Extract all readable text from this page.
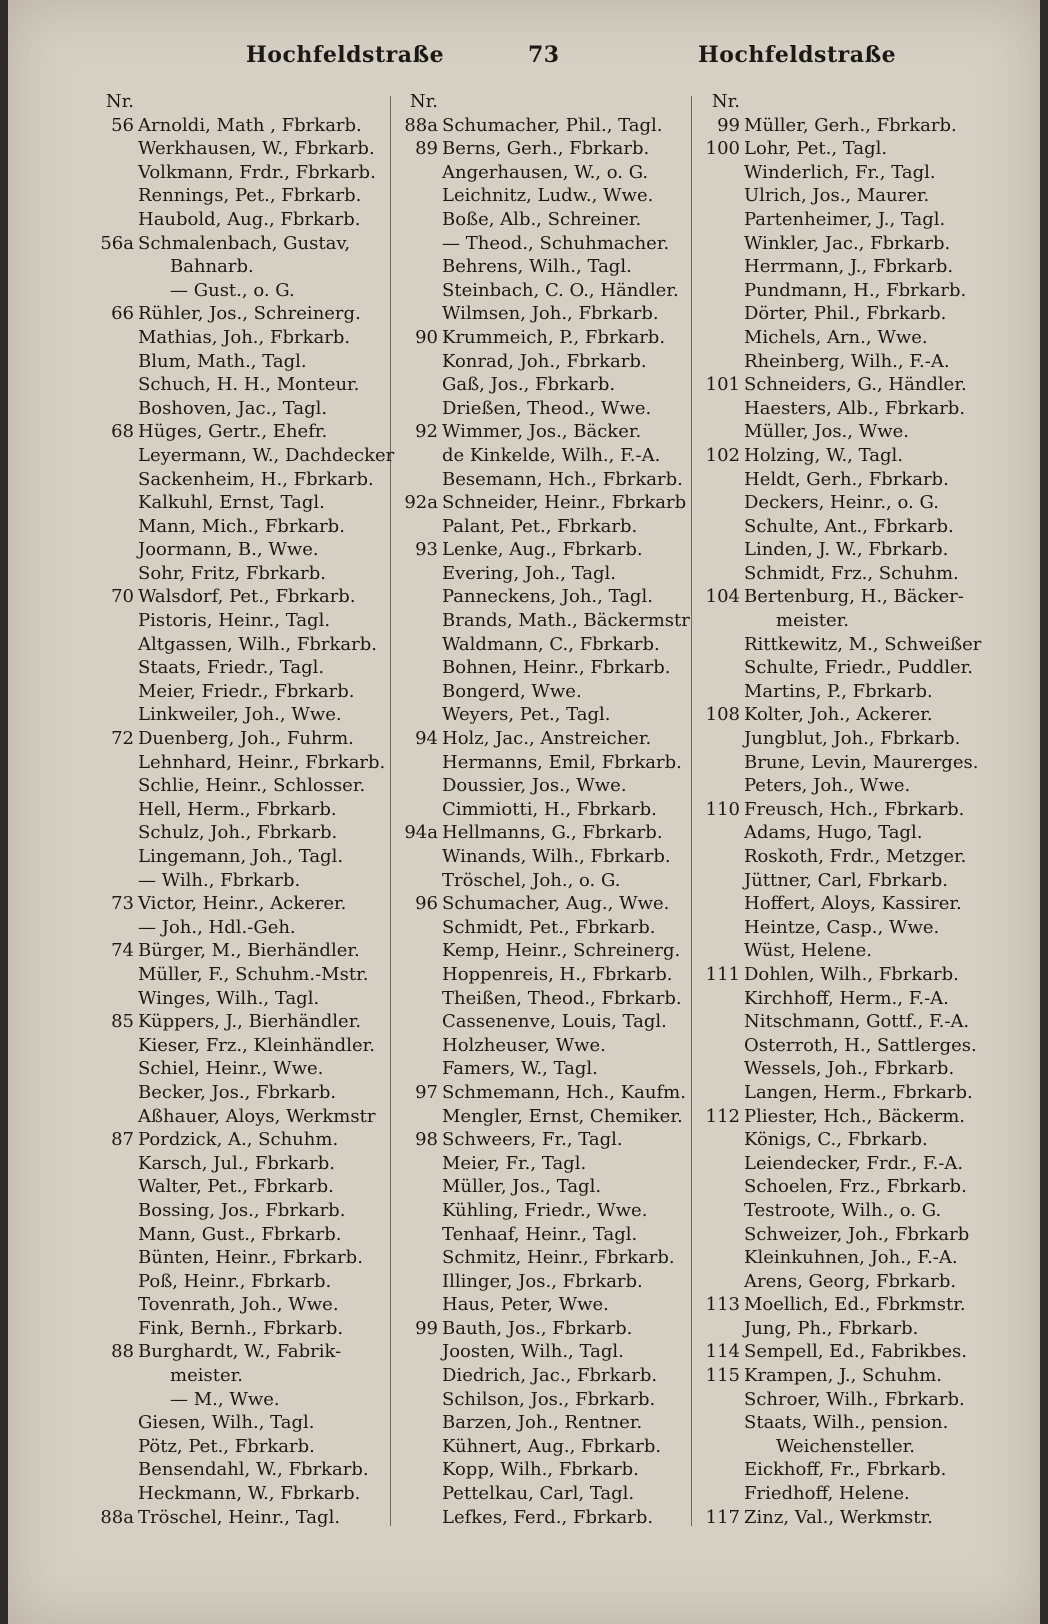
Hochfeldstraße	73	Hochfeldstraße
Nr.
56 Arnoldi, Math , Fbrkarb.
Werkhausen, W., Fbrkarb.
Volkmann, Frdr., Fbrkarb.
Rennings, Pet., Fbrkarb.
Haubold, Aug., Fbrkarb.
56a Schmalenbach, Gustav,
Bahnarb.
— Gust., o. G.
66 Rühler, Jos., Schreinerg.
Mathias, Joh., Fbrkarb.
Blum, Math., Tagl.
Schuch, H. H., Monteur.
Boshoven, Jac., Tagl.
68 Hüges, Gertr., Ehefr.
Leyermann, W., Dachdecker
Sackenheim, H., Fbrkarb.
Kalkuhl, Ernst, Tagl.
Mann, Mich., Fbrkarb.
Joormann, B., Wwe.
Sohr, Fritz, Fbrkarb.
70 Walsdorf, Pet., Fbrkarb.
Pistoris, Heinr., Tagl.
Altgassen, Wilh., Fbrkarb.
Staats, Friedr., Tagl.
Meier, Friedr., Fbrkarb.
Linkweiler, Joh., Wwe.
72 Duenberg, Joh., Fuhrm.
Lehnhard, Heinr., Fbrkarb.
Schlie, Heinr., Schlosser.
Hell, Herm., Fbrkarb.
Schulz, Joh., Fbrkarb.
Lingemann, Joh., Tagl.
— Wilh., Fbrkarb.
73 Victor, Heinr., Ackerer.
— Joh., Hdl.-Geh.
74 Bürger, M., Bierhändler.
Müller, F., Schuhm.-Mstr.
Winges, Wilh., Tagl.
85 Küppers, J., Bierhändler.
Kieser, Frz., Kleinhändler.
Schiel, Heinr., Wwe.
Becker, Jos., Fbrkarb.
Aßhauer, Aloys, Werkmstr
87 Pordzick, A., Schuhm.
Karsch, Jul., Fbrkarb.
Walter, Pet., Fbrkarb.
Bossing, Jos., Fbrkarb.
Mann, Gust., Fbrkarb.
Bünten, Heinr., Fbrkarb.
Poß, Heinr., Fbrkarb.
Tovenrath, Joh., Wwe.
Fink, Bernh., Fbrkarb.
88 Burghardt, W., Fabrik-
meister.
— M., Wwe.
Giesen, Wilh., Tagl.
Pötz, Pet., Fbrkarb.
Bensendahl, W., Fbrkarb.
Heckmann, W., Fbrkarb.
88a Tröschel, Heinr., Tagl.
Nr.
88a Schumacher, Phil., Tagl.
89 Berns, Gerh., Fbrkarb.
Angerhausen, W., o. G.
Leichnitz, Ludw., Wwe.
Boße, Alb., Schreiner.
— Theod., Schuhmacher.
Behrens, Wilh., Tagl.
Steinbach, C. O., Händler.
Wilmsen, Joh., Fbrkarb.
90 Krummeich, P., Fbrkarb.
Konrad, Joh., Fbrkarb.
Gaß, Jos., Fbrkarb.
Drießen, Theod., Wwe.
92 Wimmer, Jos., Bäcker.
de Kinkelde, Wilh., F.-A.
Besemann, Hch., Fbrkarb.
92a Schneider, Heinr., Fbrkarb
Palant, Pet., Fbrkarb.
93 Lenke, Aug., Fbrkarb.
Evering, Joh., Tagl.
Panneckens, Joh., Tagl.
Brands, Math., Bäckermstr
Waldmann, C., Fbrkarb.
Bohnen, Heinr., Fbrkarb.
Bongerd, Wwe.
Weyers, Pet., Tagl.
94 Holz, Jac., Anstreicher.
Hermanns, Emil, Fbrkarb.
Doussier, Jos., Wwe.
Cimmiotti, H., Fbrkarb.
94a Hellmanns, G., Fbrkarb.
Winands, Wilh., Fbrkarb.
Tröschel, Joh., o. G.
96 Schumacher, Aug., Wwe.
Schmidt, Pet., Fbrkarb.
Kemp, Heinr., Schreinerg.
Hoppenreis, H., Fbrkarb.
Theißen, Theod., Fbrkarb.
Cassenenve, Louis, Tagl.
Holzheuser, Wwe.
Famers, W., Tagl.
97 Schmemann, Hch., Kaufm.
Mengler, Ernst, Chemiker.
98 Schweers, Fr., Tagl.
Meier, Fr., Tagl.
Müller, Jos., Tagl.
Kühling, Friedr., Wwe.
Tenhaaf, Heinr., Tagl.
Schmitz, Heinr., Fbrkarb.
Illinger, Jos., Fbrkarb.
Haus, Peter, Wwe.
99 Bauth, Jos., Fbrkarb.
Joosten, Wilh., Tagl.
Diedrich, Jac., Fbrkarb.
Schilson, Jos., Fbrkarb.
Barzen, Joh., Rentner.
Kühnert, Aug., Fbrkarb.
Kopp, Wilh., Fbrkarb.
Pettelkau, Carl, Tagl.
Lefkes, Ferd., Fbrkarb.
Nr.
99 Müller, Gerh., Fbrkarb.
100 Lohr, Pet., Tagl.
Winderlich, Fr., Tagl.
Ulrich, Jos., Maurer.
Partenheimer, J., Tagl.
Winkler, Jac., Fbrkarb.
Herrmann, J., Fbrkarb.
Pundmann, H., Fbrkarb.
Dörter, Phil., Fbrkarb.
Michels, Arn., Wwe.
Rheinberg, Wilh., F.-A.
101 Schneiders, G., Händler.
Haesters, Alb., Fbrkarb.
Müller, Jos., Wwe.
102 Holzing, W., Tagl.
Heldt, Gerh., Fbrkarb.
Deckers, Heinr., o. G.
Schulte, Ant., Fbrkarb.
Linden, J. W., Fbrkarb.
Schmidt, Frz., Schuhm.
104 Bertenburg, H., Bäcker-
meister.
Rittkewitz, M., Schweißer
Schulte, Friedr., Puddler.
Martins, P., Fbrkarb.
108 Kolter, Joh., Ackerer.
Jungblut, Joh., Fbrkarb.
Brune, Levin, Maurerges.
Peters, Joh., Wwe.
110 Freusch, Hch., Fbrkarb.
Adams, Hugo, Tagl.
Roskoth, Frdr., Metzger.
Jüttner, Carl, Fbrkarb.
Hoffert, Aloys, Kassirer.
Heintze, Casp., Wwe.
Wüst, Helene.
111 Dohlen, Wilh., Fbrkarb.
Kirchhoff, Herm., F.-A.
Nitschmann, Gottf., F.-A.
Osterroth, H., Sattlerges.
Wessels, Joh., Fbrkarb.
Langen, Herm., Fbrkarb.
112 Pliester, Hch., Bäckerm.
Königs, C., Fbrkarb.
Leiendecker, Frdr., F.-A.
Schoelen, Frz., Fbrkarb.
Testroote, Wilh., o. G.
Schweizer, Joh., Fbrkarb
Kleinkuhnen, Joh., F.-A.
Arens, Georg, Fbrkarb.
113 Moellich, Ed., Fbrkmstr.
Jung, Ph., Fbrkarb.
114 Sempell, Ed., Fabrikbes.
115 Krampen, J., Schuhm.
Schroer, Wilh., Fbrkarb.
Staats, Wilh., pension.
Weichensteller.
Eickhoff, Fr., Fbrkarb.
Friedhoff, Helene.
117 Zinz, Val., Werkmstr.
